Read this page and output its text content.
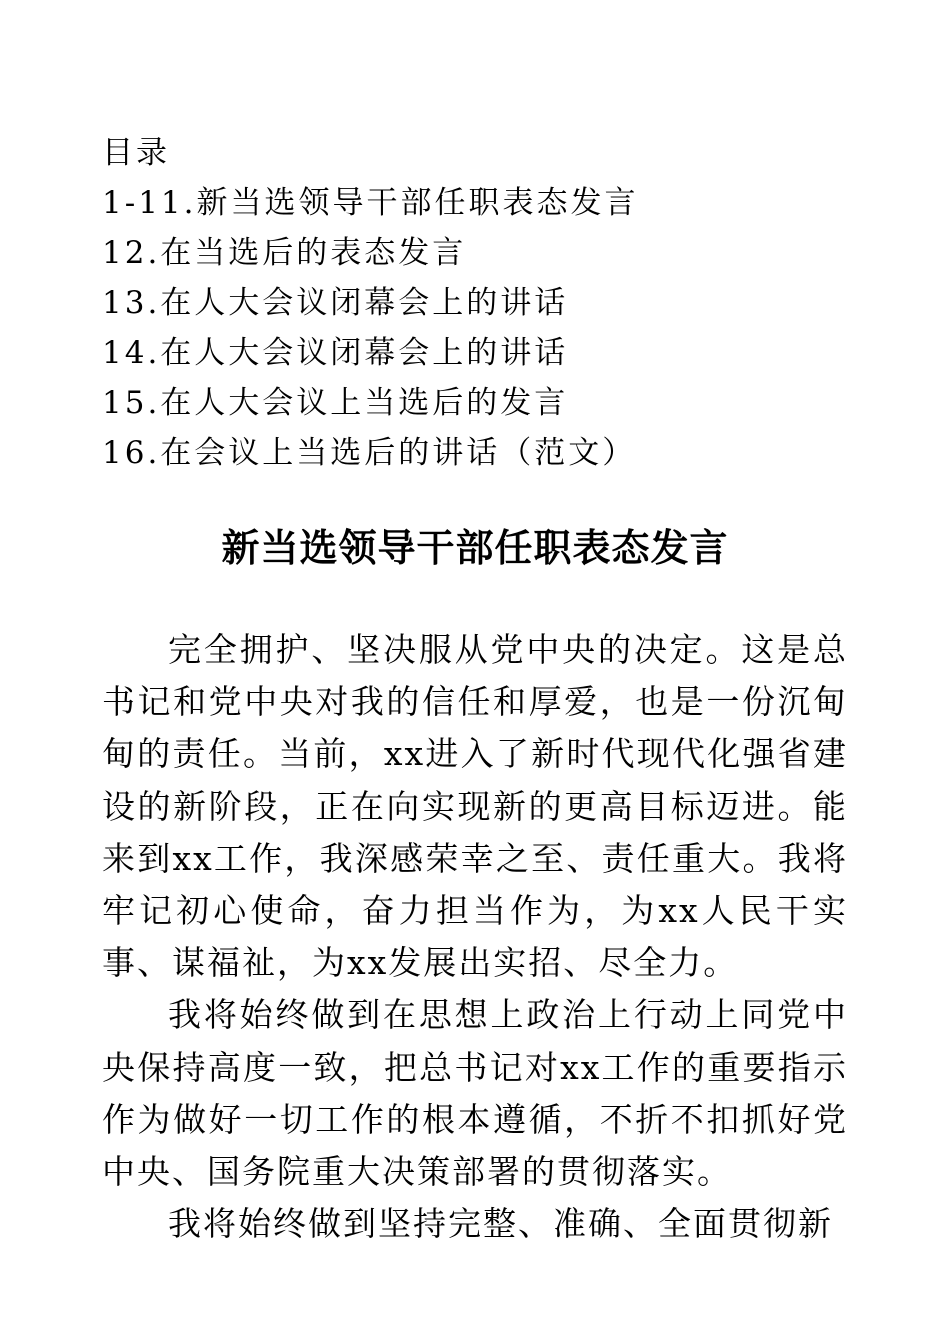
目录
1-11.新当选领导干部任职表态发言
12.在当选后的表态发言
13.在人大会议闭幕会上的讲话
14.在人大会议闭幕会上的讲话
15.在人大会议上当选后的发言
16.在会议上当选后的讲话（范文）
新当选领导干部任职表态发言

完全拥护、坚决服从党中央的决定。这是总书记和党中央对我的信任和厚爱，也是一份沉甸甸的责任。当前，xx进入了新时代现代化强省建设的新阶段，正在向实现新的更高目标迈进。能来到xx工作，我深感荣幸之至、责任重大。我将牢记初心使命，奋力担当作为，为xx人民干实事、谋福祉，为xx发展出实招、尽全力。

我将始终做到在思想上政治上行动上同党中央保持高度一致，把总书记对xx工作的重要指示作为做好一切工作的根本遵循，不折不扣抓好党中央、国务院重大决策部署的贯彻落实。

我将始终做到坚持完整、准确、全面贯彻新
